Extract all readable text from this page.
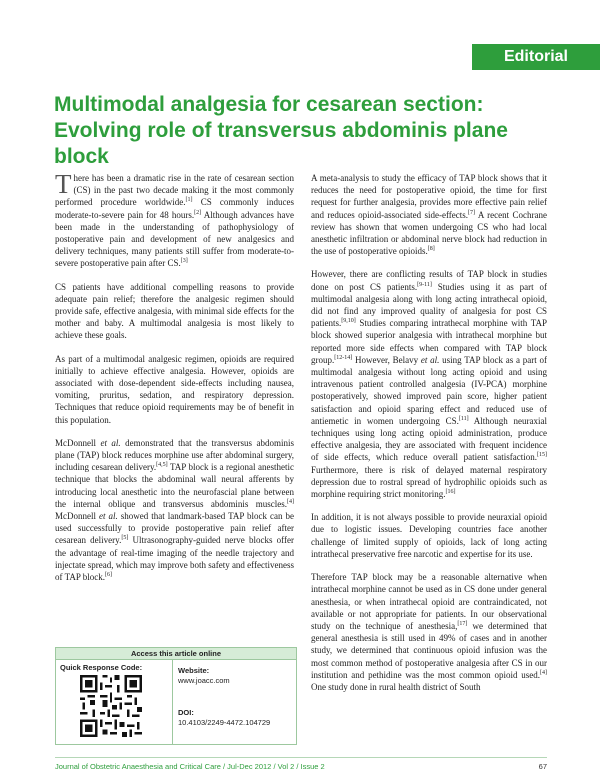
Editorial
Multimodal analgesia for cesarean section: Evolving role of transversus abdominis plane block

There has been a dramatic rise in the rate of cesarean section (CS) in the past two decade making it the most commonly performed procedure worldwide.[1] CS commonly induces moderate-to-severe pain for 48 hours.[2] Although advances have been made in the understanding of pathophysiology of postoperative pain and development of new analgesics and delivery techniques, many patients still suffer from moderate-to-severe postoperative pain after CS.[3]

CS patients have additional compelling reasons to provide adequate pain relief; therefore the analgesic regimen should provide safe, effective analgesia, with minimal side effects for the mother and baby. A multimodal analgesia is most likely to achieve these goals.

As part of a multimodal analgesic regimen, opioids are required initially to achieve effective analgesia. However, opioids are associated with dose-dependent side-effects including nausea, vomiting, pruritus, sedation, and respiratory depression. Techniques that reduce opioid requirements may be of benefit in this population.

McDonnell et al. demonstrated that the transversus abdominis plane (TAP) block reduces morphine use after abdominal surgery, including cesarean delivery.[4,5] TAP block is a regional anesthetic technique that blocks the abdominal wall neural afferents by introducing local anesthetic into the neurofascial plane between the internal oblique and transversus abdominis muscles.[4] McDonnell et al. showed that landmark-based TAP block can be used successfully to provide postoperative pain relief after cesarean delivery.[5] Ultrasonography-guided nerve blocks offer the advantage of real-time imaging of the needle trajectory and injectate spread, which may improve both safety and effectiveness of TAP block.[6]

A meta-analysis to study the efficacy of TAP block shows that it reduces the need for postoperative opioid, the time for first request for further analgesia, provides more effective pain relief and reduces opioid-associated side-effects.[7] A recent Cochrane review has shown that women undergoing CS who had local anesthetic infiltration or abdominal nerve block had reduction in the use of postoperative opioids.[8]

However, there are conflicting results of TAP block in studies done on post CS patients.[9-11] Studies using it as part of multimodal analgesia along with long acting intrathecal opioid, did not find any improved quality of analgesia for post CS patients.[9,10] Studies comparing intrathecal morphine with TAP block showed superior analgesia with intrathecal morphine but reported more side effects when compared with TAP block group.[12-14] However, Belavy et al. using TAP block as a part of multimodal analgesia without long acting opioid and using intravenous patient controlled analgesia (IV-PCA) morphine postoperatively, showed improved pain score, higher patient satisfaction and opioid sparing effect and reduced use of antiemetic in women undergoing CS.[11] Although neuraxial techniques using long acting opioid administration, produce effective analgesia, they are associated with frequent incidence of side effects, which reduce overall patient satisfaction.[15] Furthermore, there is risk of delayed maternal respiratory depression due to rostral spread of hydrophilic opioids such as morphine requiring strict monitoring.[16]

In addition, it is not always possible to provide neuraxial opioid due to logistic issues. Developing countries face another challenge of limited supply of opioids, lack of long acting intrathecal preservative free narcotic and expertise for its use.

Therefore TAP block may be a reasonable alternative when intrathecal morphine cannot be used as in CS done under general anesthesia, or when intrathecal opioid are contraindicated, not available or not appropriate for patients. In our observational study on the technique of anesthesia,[17] we determined that general anesthesia is still used in 49% of cases and in another study, we determined that continuous opioid infusion was the most common method of postoperative analgesia after CS in our institution and pethidine was the most common opioid used.[4] One study done in rural health district of South

Access this article online
Quick Response Code:	Website:
www.joacc.com
DOI:
10.4103/2249-4472.104729
Journal of Obstetric Anaesthesia and Critical Care / Jul-Dec 2012 / Vol 2 / Issue 2	67
